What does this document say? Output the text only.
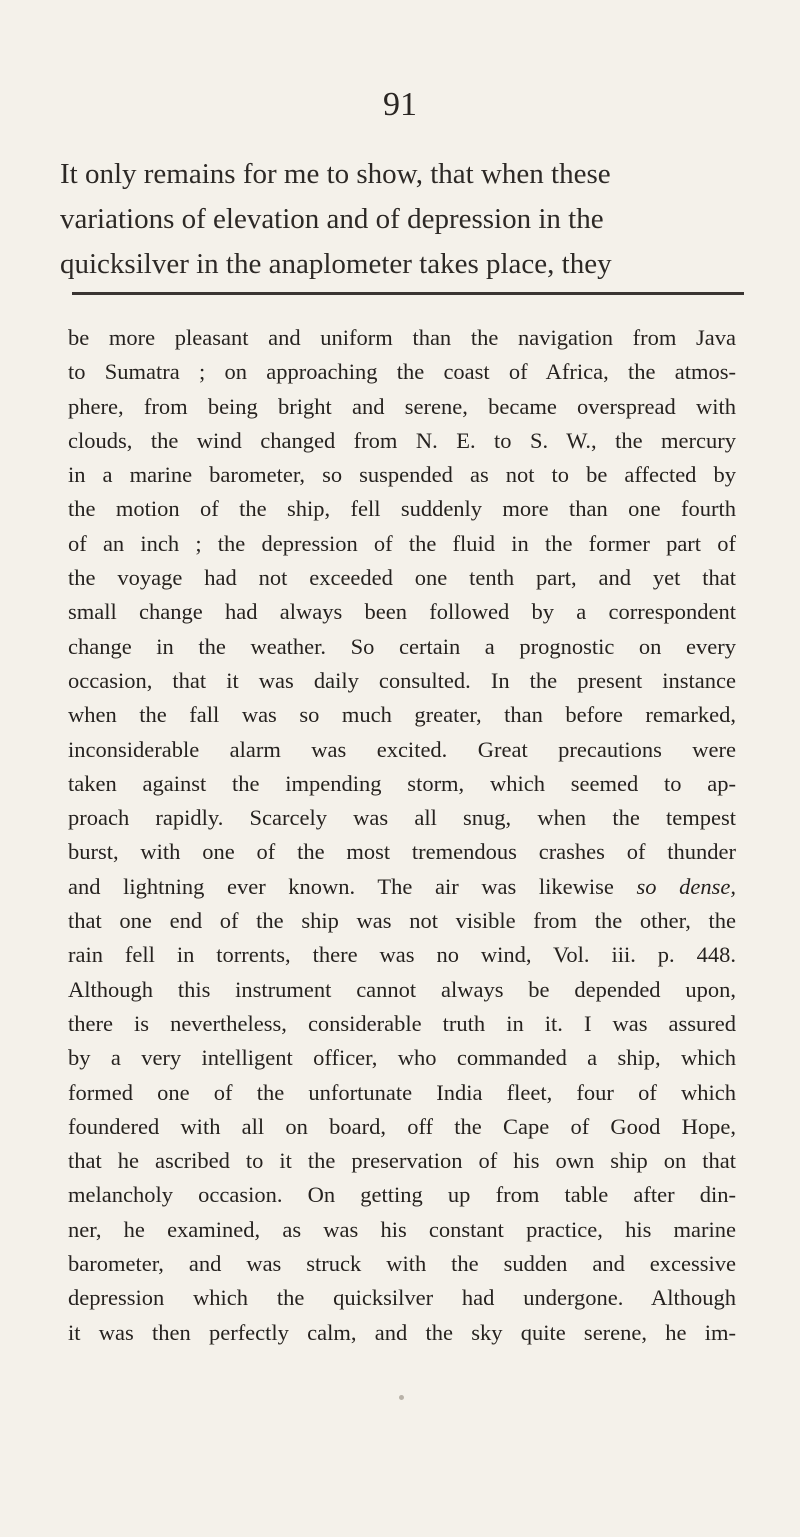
91
It only remains for me to show, that when these
variations of elevation and of depression in the
quicksilver in the anaplometer takes place, they
be more pleasant and uniform than the navigation from Java
to Sumatra ; on approaching the coast of Africa, the atmos-
phere, from being bright and serene, became overspread with
clouds, the wind changed from N. E. to S. W., the mercury
in a marine barometer, so suspended as not to be affected by
the motion of the ship, fell suddenly more than one fourth
of an inch ; the depression of the fluid in the former part of
the voyage had not exceeded one tenth part, and yet that
small change had always been followed by a correspondent
change in the weather. So certain a prognostic on every
occasion, that it was daily consulted. In the present instance
when the fall was so much greater, than before remarked,
inconsiderable alarm was excited. Great precautions were
taken against the impending storm, which seemed to ap-
proach rapidly. Scarcely was all snug, when the tempest
burst, with one of the most tremendous crashes of thunder
and lightning ever known. The air was likewise so dense,
that one end of the ship was not visible from the other, the
rain fell in torrents, there was no wind, Vol. iii. p. 448.
Although this instrument cannot always be depended upon,
there is nevertheless, considerable truth in it. I was assured
by a very intelligent officer, who commanded a ship, which
formed one of the unfortunate India fleet, four of which
foundered with all on board, off the Cape of Good Hope,
that he ascribed to it the preservation of his own ship on that
melancholy occasion. On getting up from table after din-
ner, he examined, as was his constant practice, his marine
barometer, and was struck with the sudden and excessive
depression which the quicksilver had undergone. Although
it was then perfectly calm, and the sky quite serene, he im-
